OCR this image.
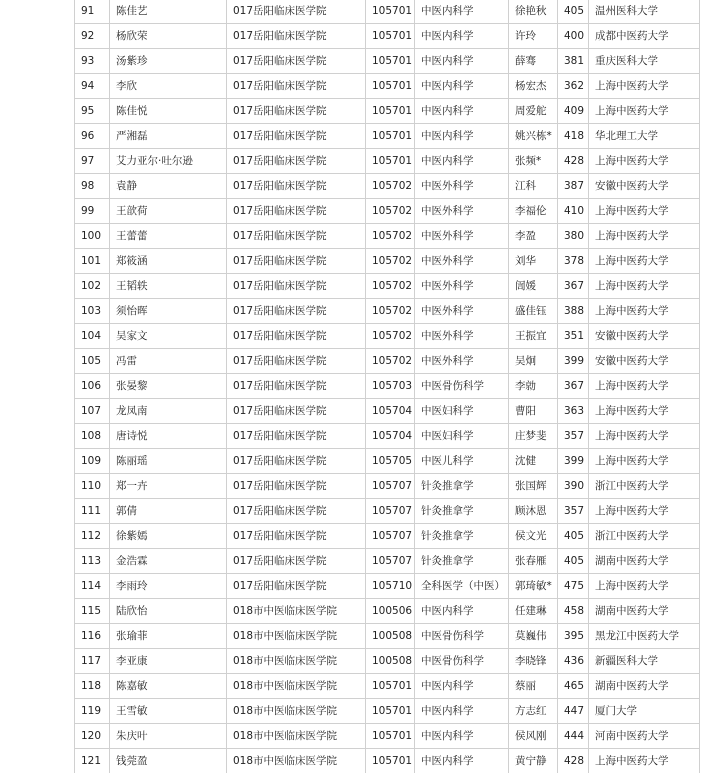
91	陈佳艺	017岳阳临床医学院	105701	中医内科学	徐艳秋	405	温州医科大学
92	杨欣荣	017岳阳临床医学院	105701	中医内科学	许玲	400	成都中医药大学
93	汤紫珍	017岳阳临床医学院	105701	中医内科学	薛骞	381	重庆医科大学
94	李欣	017岳阳临床医学院	105701	中医内科学	杨宏杰	362	上海中医药大学
95	陈佳悦	017岳阳临床医学院	105701	中医内科学	周爱舵	409	上海中医药大学
96	严湘磊	017岳阳临床医学院	105701	中医内科学	姚兴栋*	418	华北理工大学
97	艾力亚尔·吐尔逊	017岳阳临床医学院	105701	中医内科学	张频*	428	上海中医药大学
98	袁静	017岳阳临床医学院	105702	中医外科学	江科	387	安徽中医药大学
99	王歆荷	017岳阳临床医学院	105702	中医外科学	李福伦	410	上海中医药大学
100	王蕾蕾	017岳阳临床医学院	105702	中医外科学	李盈	380	上海中医药大学
101	郑筱涵	017岳阳临床医学院	105702	中医外科学	刘华	378	上海中医药大学
102	王韬轶	017岳阳临床医学院	105702	中医外科学	訚媛	367	上海中医药大学
103	须怡晖	017岳阳临床医学院	105702	中医外科学	盛佳钰	388	上海中医药大学
104	吴家文	017岳阳临床医学院	105702	中医外科学	王振宜	351	安徽中医药大学
105	冯雷	017岳阳临床医学院	105702	中医外科学	吴炯	399	安徽中医药大学
106	张晏黎	017岳阳临床医学院	105703	中医骨伤科学	李勍	367	上海中医药大学
107	龙凤南	017岳阳临床医学院	105704	中医妇科学	曹阳	363	上海中医药大学
108	唐诗悦	017岳阳临床医学院	105704	中医妇科学	庄梦斐	357	上海中医药大学
109	陈丽瑶	017岳阳临床医学院	105705	中医儿科学	沈健	399	上海中医药大学
110	郑一卉	017岳阳临床医学院	105707	针灸推拿学	张国辉	390	浙江中医药大学
111	郭倩	017岳阳临床医学院	105707	针灸推拿学	顾沐恩	357	上海中医药大学
112	徐紫嫣	017岳阳临床医学院	105707	针灸推拿学	侯文光	405	浙江中医药大学
113	金浩霖	017岳阳临床医学院	105707	针灸推拿学	张春雁	405	湖南中医药大学
114	李雨玲	017岳阳临床医学院	105710	全科医学（中医）	郭琦敏*	475	上海中医药大学
115	陆欣怡	018市中医临床医学院	100506	中医内科学	任建琳	458	湖南中医药大学
116	张瑜菲	018市中医临床医学院	100508	中医骨伤科学	莫巍伟	395	黑龙江中医药大学
117	李亚康	018市中医临床医学院	100508	中医骨伤科学	李晓锋	436	新疆医科大学
118	陈嘉敏	018市中医临床医学院	105701	中医内科学	蔡丽	465	湖南中医药大学
119	王雪敏	018市中医临床医学院	105701	中医内科学	方志红	447	厦门大学
120	朱庆叶	018市中医临床医学院	105701	中医内科学	侯风刚	444	河南中医药大学
121	钱莞盈	018市中医临床医学院	105701	中医内科学	黄宁静	428	上海中医药大学
